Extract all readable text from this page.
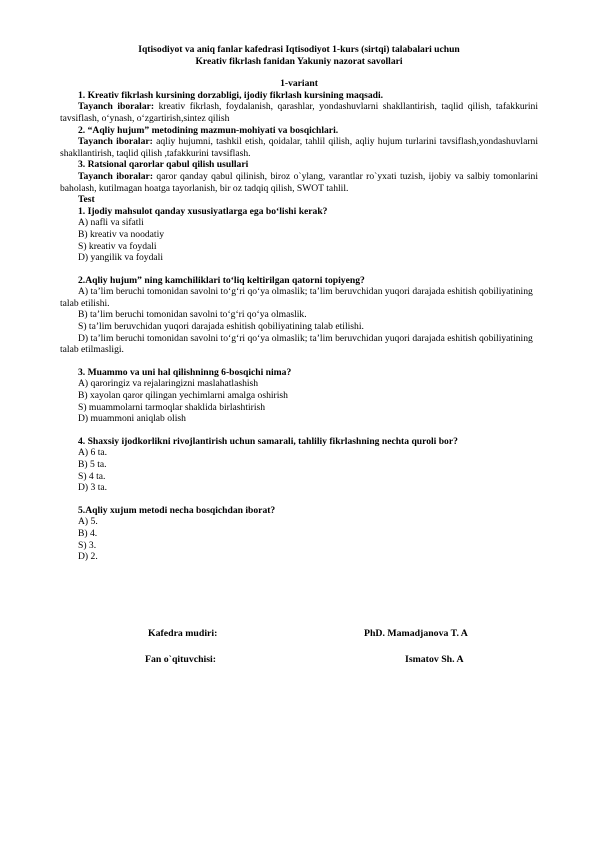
Iqtisodiyot va aniq fanlar kafedrasi Iqtisodiyot 1-kurs (sirtqi) talabalari uchun
Kreativ fikrlash fanidan Yakuniy nazorat savollari
1-variant
1. Kreativ fikrlash kursining dorzabligi, ijodiy fikrlash kursining maqsadi.
Tayanch iboralar: kreativ fikrlash, foydalanish, qarashlar, yondashuvlarni shakllantirish, taqlid qilish, tafakkurini tavsiflash, o‘ynash, o‘zgartirish,sintez qilish
2. “Aqliy hujum” metodining mazmun-mohiyati va bosqichlari.
Tayanch iboralar: aqliy hujumni, tashkil etish, qoidalar, tahlil qilish, aqliy hujum turlarini tavsiflash,yondashuvlarni shakllantirish, taqlid qilish ,tafakkurini tavsiflash.
3. Ratsional qarorlar qabul qilish usullari
Tayanch iboralar: qaror qanday qabul qilinish, biroz o`ylang, varantlar ro`yxati tuzish, ijobiy va salbiy tomonlarini baholash, kutilmagan hoatga tayorlanish, bir oz tadqiq qilish, SWOT tahlil.
Test
1. Ijodiy mahsulot qanday xususiyatlarga ega bo‘lishi kerak?
A) nafli va sifatli
B) kreativ va noodatiy
S) kreativ va foydali
D) yangilik va foydali
2.Aqliy hujum” ning kamchiliklari to‘liq keltirilgan qatorni topiyeng?
A) ta’lim beruchi tomonidan savolni to‘g‘ri qo‘ya olmaslik; ta’lim beruvchidan yuqori darajada eshitish qobiliyatining talab etilishi.
B) ta’lim beruchi tomonidan savolni to‘g‘ri qo‘ya olmaslik.
S) ta’lim beruvchidan yuqori darajada eshitish qobiliyatining talab etilishi.
D) ta’lim beruchi tomonidan savolni to‘g‘ri qo‘ya olmaslik; ta’lim beruvchidan yuqori darajada eshitish qobiliyatining talab etilmasligi.
3. Muammo va uni hal qilishninng 6-bosqichi nima?
A) qaroringiz va rejalaringizni maslahatlashish
B) xayolan qaror qilingan yechimlarni amalga oshirish
S) muammolarni tarmoqlar shaklida birlashtirish
D) muammoni aniqlab olish
4. Shaxsiy ijodkorlikni rivojlantirish uchun samarali, tahliliy fikrlashning nechta quroli bor?
A) 6 ta.
B) 5 ta.
S) 4 ta.
D) 3 ta.
5.Aqliy xujum metodi necha bosqichdan iborat?
A) 5.
B) 4.
S) 3.
D) 2.
Kafedra mudiri:	PhD. Mamadjanova T. A
Fan o`qituvchisi:	Ismatov Sh. A
